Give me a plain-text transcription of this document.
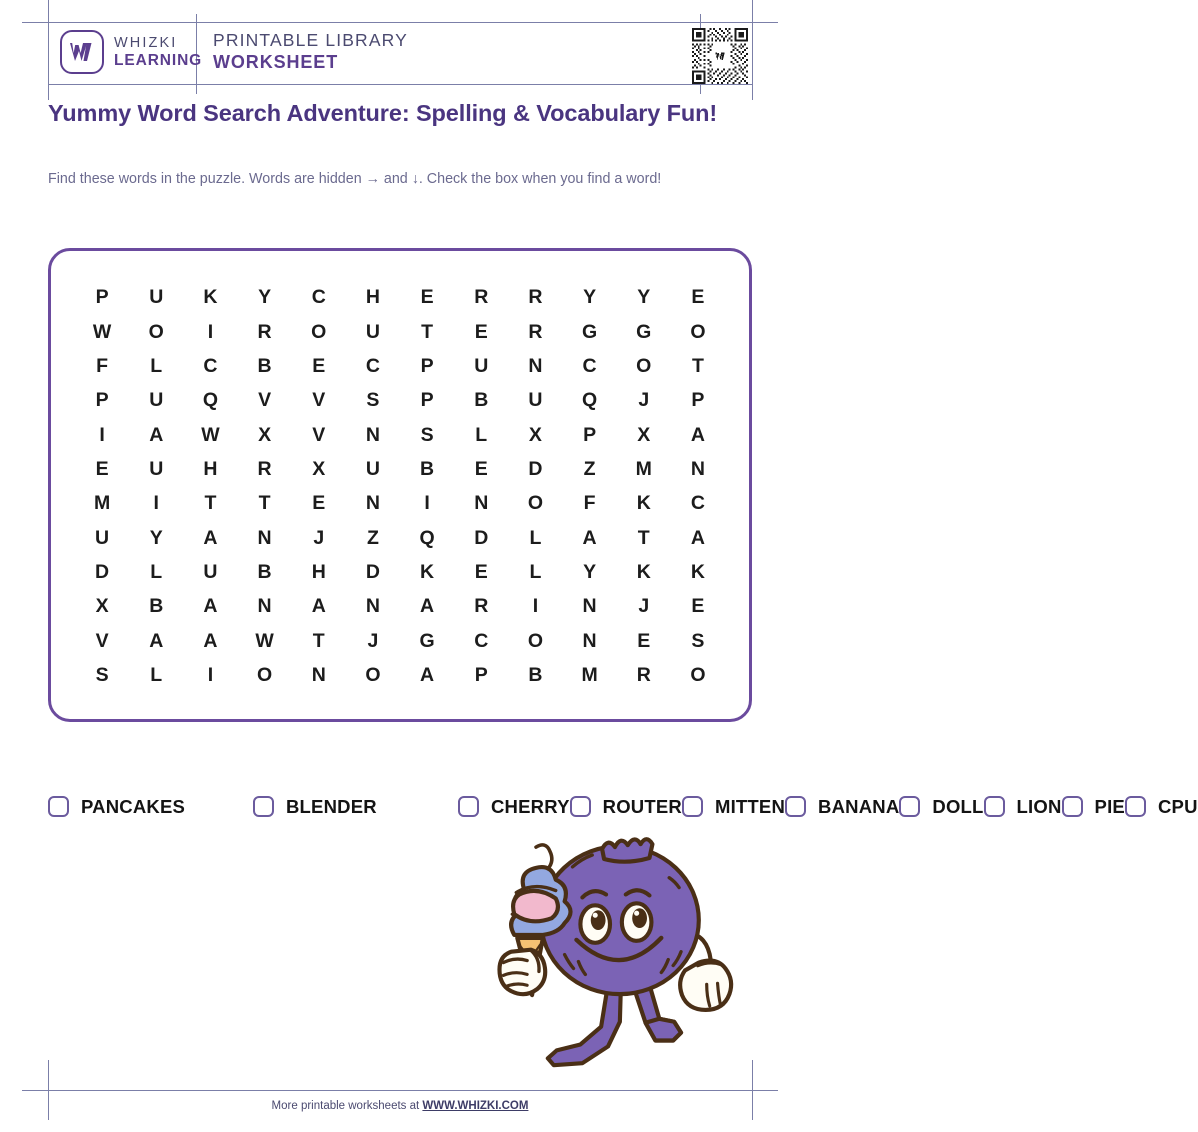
WHIZKI
LEARNING
PRINTABLE LIBRARY
WORKSHEET
Yummy Word Search Adventure: Spelling & Vocabulary Fun!
Find these words in the puzzle. Words are hidden → and ↓. Check the box when you find a word!
P U K Y C H E R R Y Y E
W O I R O U T E R G G O
F L C B E C P U N C O T
P U Q V V S P B U Q J P
I A W X V N S L X P X A
E U H R X U B E D Z M N
M I T T E N I N O F K C
U Y A N J Z Q D L A T A
D L U B H D K E L Y K K
X B A N A N A R I N J E
V A A W T J G C O N E S
S L I O N O A P B M R O
PANCAKES	BLENDER	CHERRY ROUTER MITTEN BANANA DOLL LION PIE CPU
More printable worksheets at WWW.WHIZKI.COM
